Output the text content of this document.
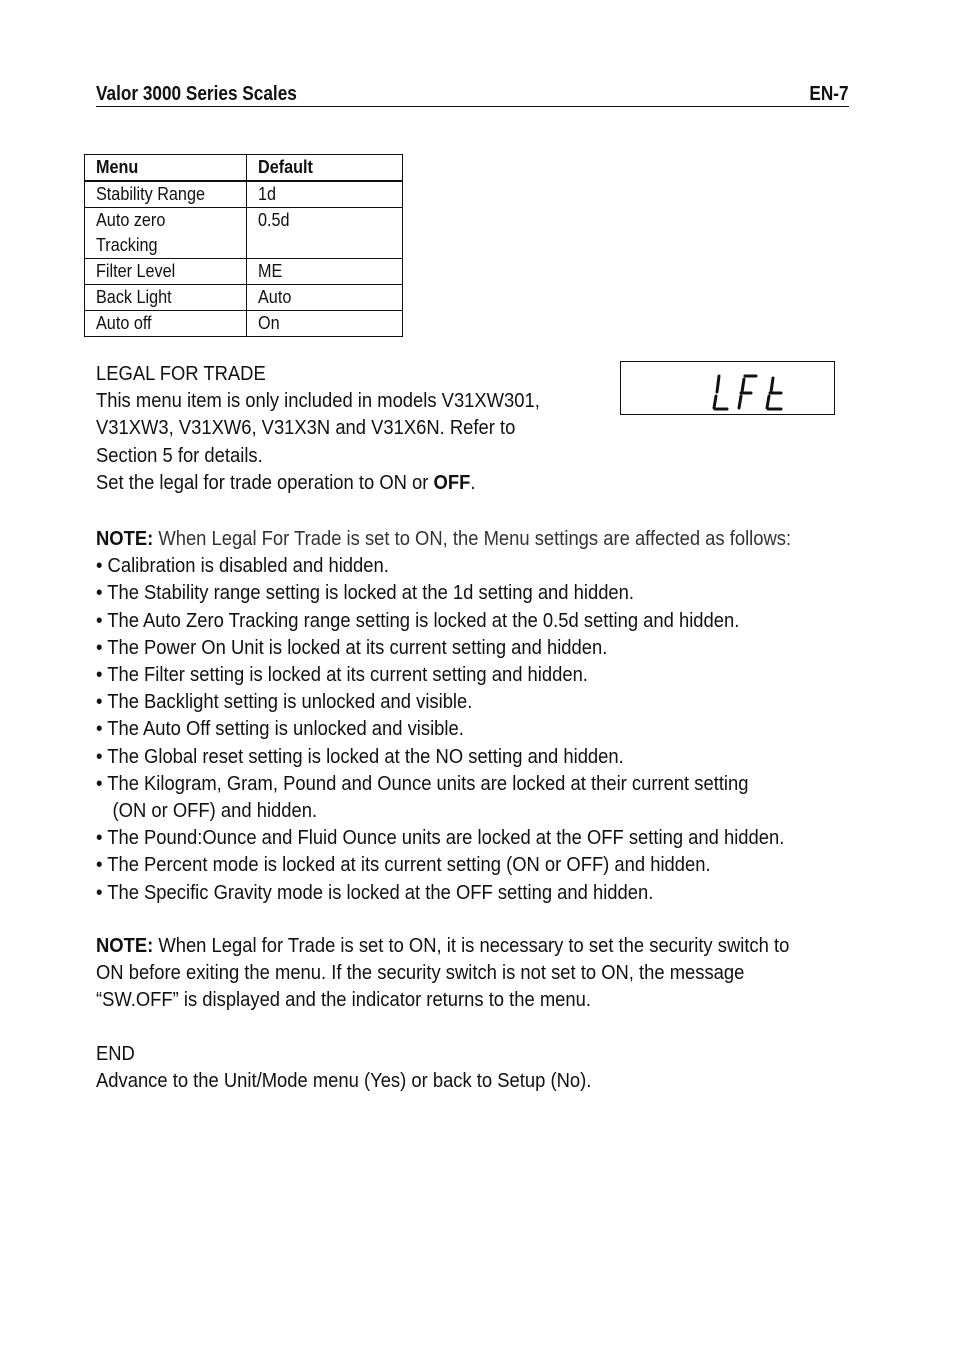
Valor 3000 Series Scales	EN-7
Menu	Default
Stability Range	1d

Auto zero Tracking	0.5d
Filter Level	ME
Back Light	Auto
Auto off	On

LEGAL FOR TRADE

This menu item is only included in models V31XW301,

V31XW3, V31XW6, V31X3N and V31X6N. Refer to

Section 5 for details.

Set the legal for trade operation to ON or OFF.

NOTE: When Legal For Trade is set to ON, the Menu settings are affected as follows:

• Calibration is disabled and hidden.

• The Stability range setting is locked at the 1d setting and hidden.

• The Auto Zero Tracking range setting is locked at the 0.5d setting and hidden.

• The Power On Unit is locked at its current setting and hidden.

• The Filter setting is locked at its current setting and hidden.

• The Backlight setting is unlocked and visible.

• The Auto Off setting is unlocked and visible.

• The Global reset setting is locked at the NO setting and hidden.

• The Kilogram, Gram, Pound and Ounce units are locked at their current setting

(ON or OFF) and hidden.

• The Pound:Ounce and Fluid Ounce units are locked at the OFF setting and hidden.

• The Percent mode is locked at its current setting (ON or OFF) and hidden.

• The Specific Gravity mode is locked at the OFF setting and hidden.

NOTE: When Legal for Trade is set to ON, it is necessary to set the security switch to

ON before exiting the menu. If the security switch is not set to ON, the message

“SW.OFF” is displayed and the indicator returns to the menu.

END

Advance to the Unit/Mode menu (Yes) or back to Setup (No).
